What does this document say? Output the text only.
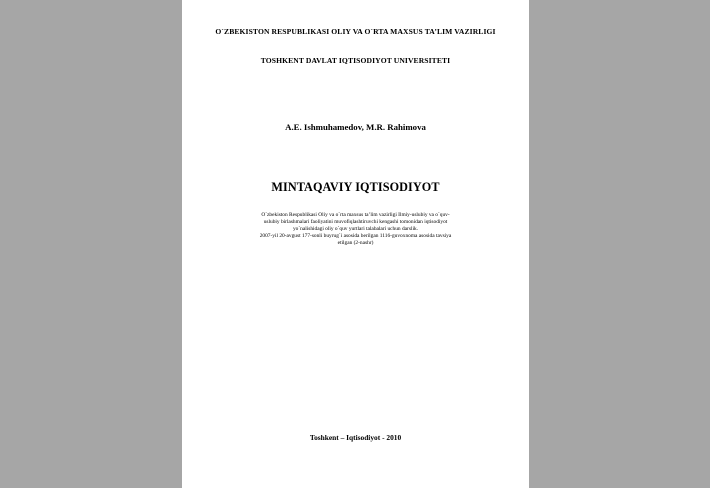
O`ZBEKISTON RESPUBLIKASI OLIY VA O`RTA MAXSUS TA’LIM VAZIRLIGI
TOSHKENT DAVLAT IQTISODIYOT UNIVERSITETI
A.E. Ishmuhamedov, M.R. Rahimova
MINTAQAVIY IQTISODIYOT
O`zbekiston Respublikasi Oliy va o`rta maxsus ta’lim vazirligi Ilmiy-uslubiy va o`quv-
uslubiy birlashmalari faoliyatini muvofiqlashtiruvchi kengashi tomonidan iqtisodiyot
yo`nalishidagi oliy o`quv yurtlari talabalari uchun darslik.
2007-yil 20-avgust 177-sonli buyrug`i asosida berilgan 1116-guvoxnoma asosida tavsiya
etilgan (2-nashr)
Toshkent – Iqtisodiyot - 2010
